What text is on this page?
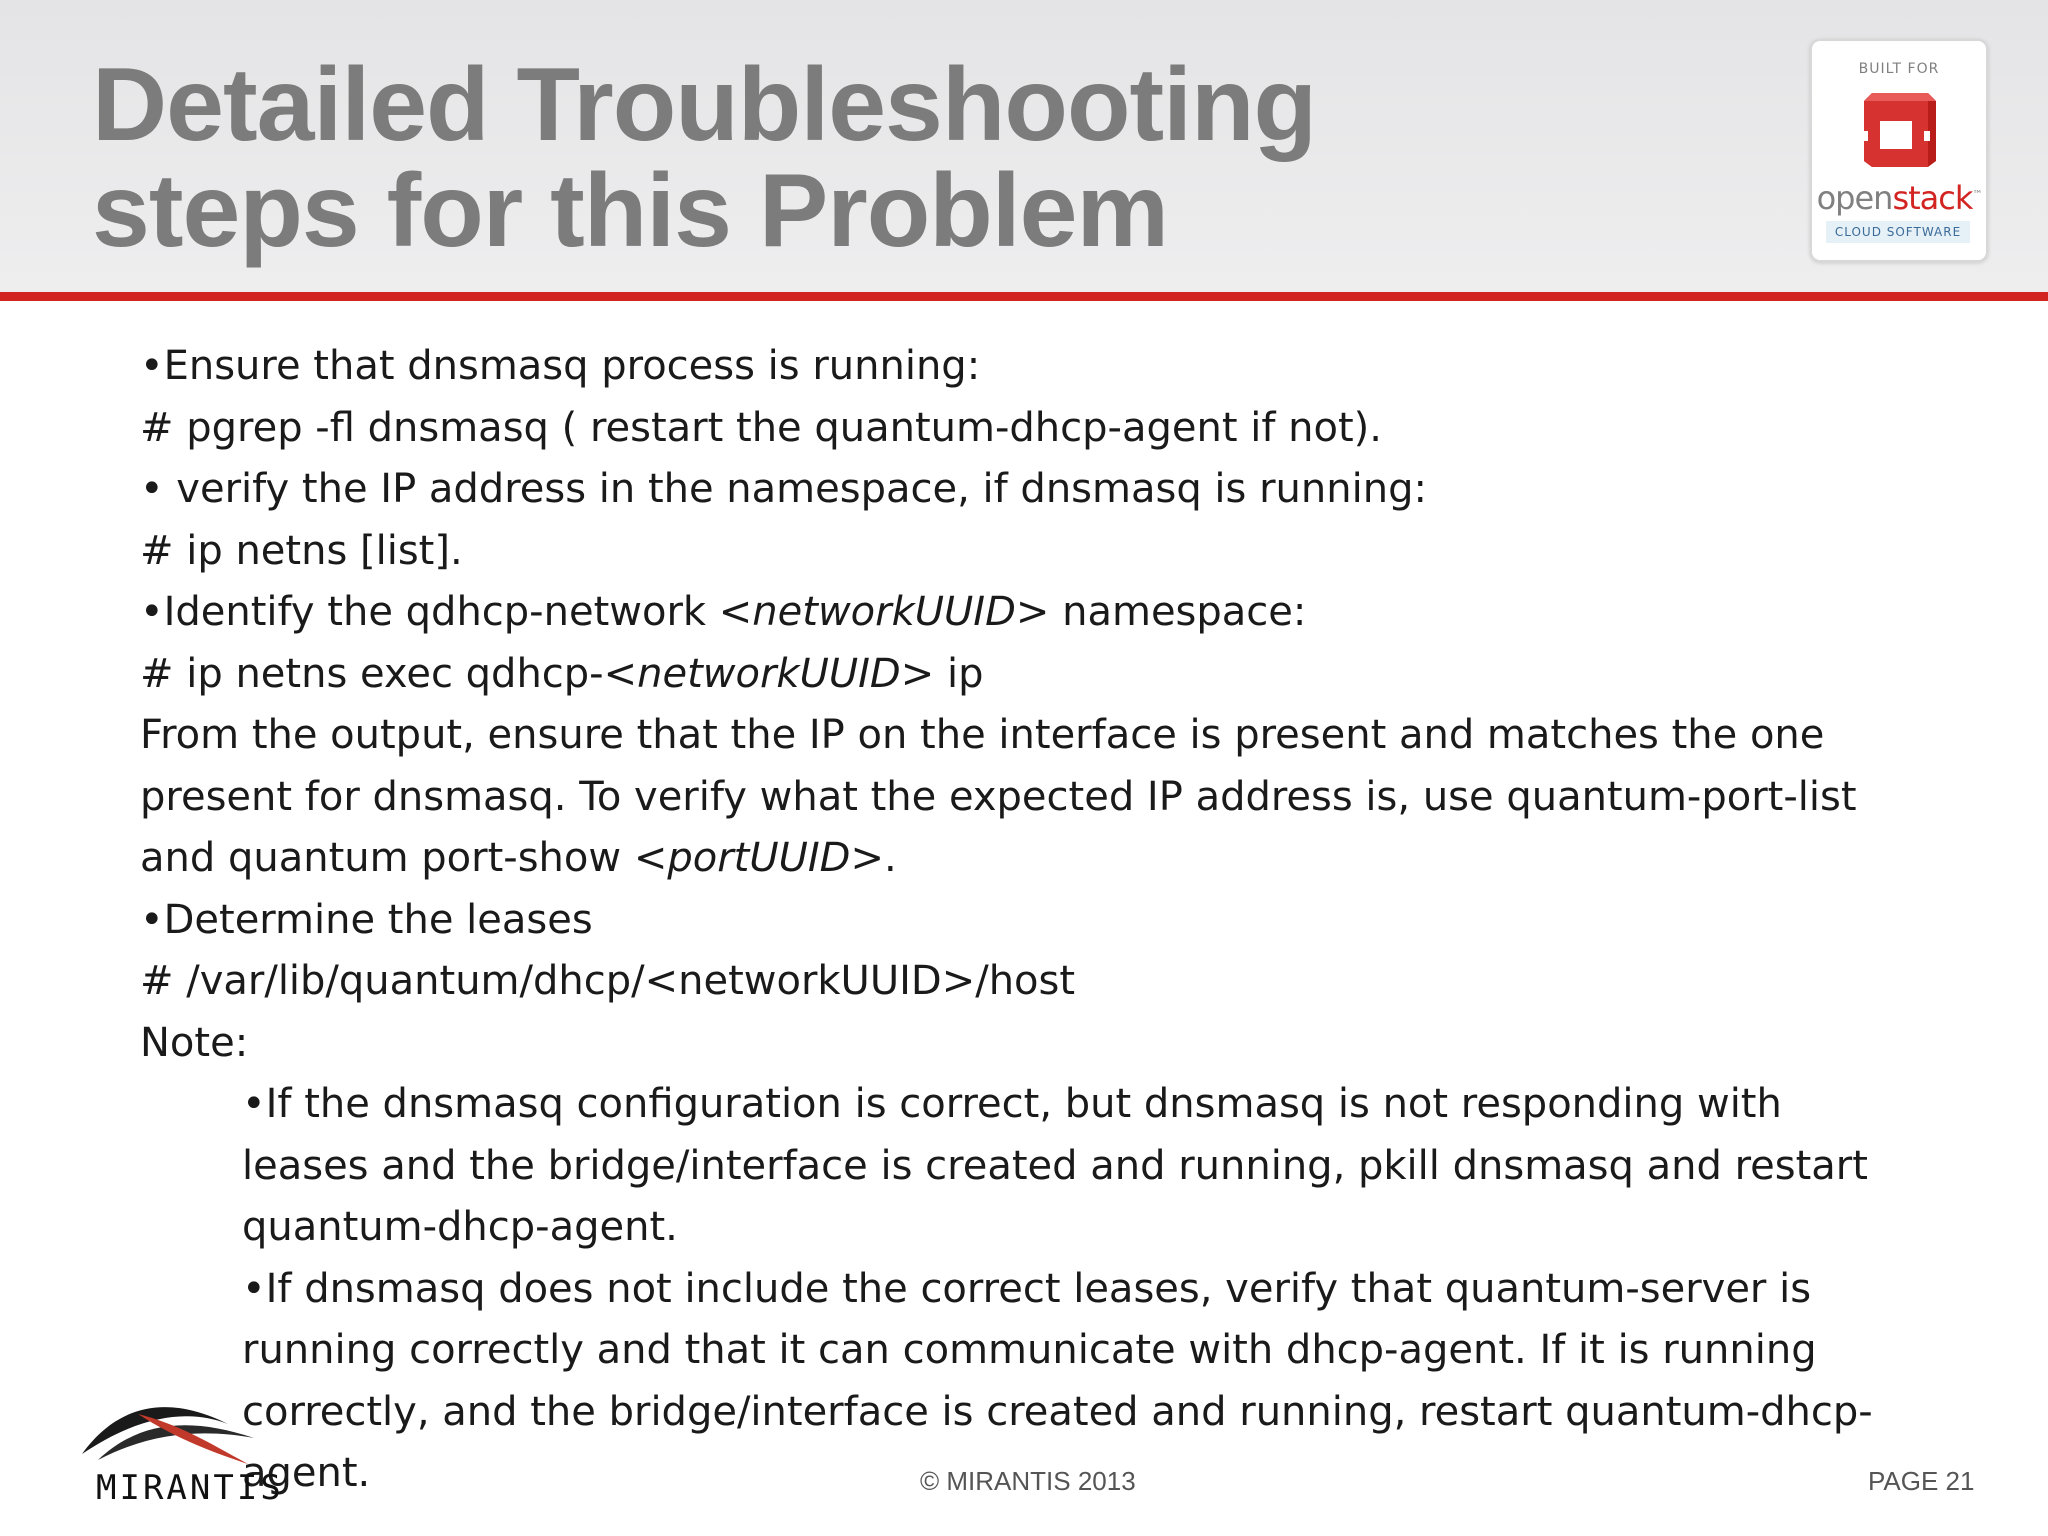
Detailed Troubleshooting
steps for this Problem
BUILT FOR
openstack™
CLOUD SOFTWARE
•Ensure that dnsmasq process is running:
# pgrep -fl dnsmasq ( restart the quantum-dhcp-agent if not).
• verify the IP address in the namespace, if dnsmasq is running:
# ip netns [list].
•Identify the qdhcp-network <networkUUID> namespace:
# ip netns exec qdhcp-<networkUUID> ip
From the output, ensure that the IP on the interface is present and matches the one
present for dnsmasq. To verify what the expected IP address is, use quantum-port-list
and quantum port-show <portUUID>.
•Determine the leases
# /var/lib/quantum/dhcp/<networkUUID>/host
Note:
•If the dnsmasq configuration is correct, but dnsmasq is not responding with
leases and the bridge/interface is created and running, pkill dnsmasq and restart
quantum-dhcp-agent.
•If dnsmasq does not include the correct leases, verify that quantum-server is
running correctly and that it can communicate with dhcp-agent. If it is running
correctly, and the bridge/interface is created and running, restart quantum-dhcp-
agent.
MIRANTIS	© MIRANTIS 2013	PAGE 21
